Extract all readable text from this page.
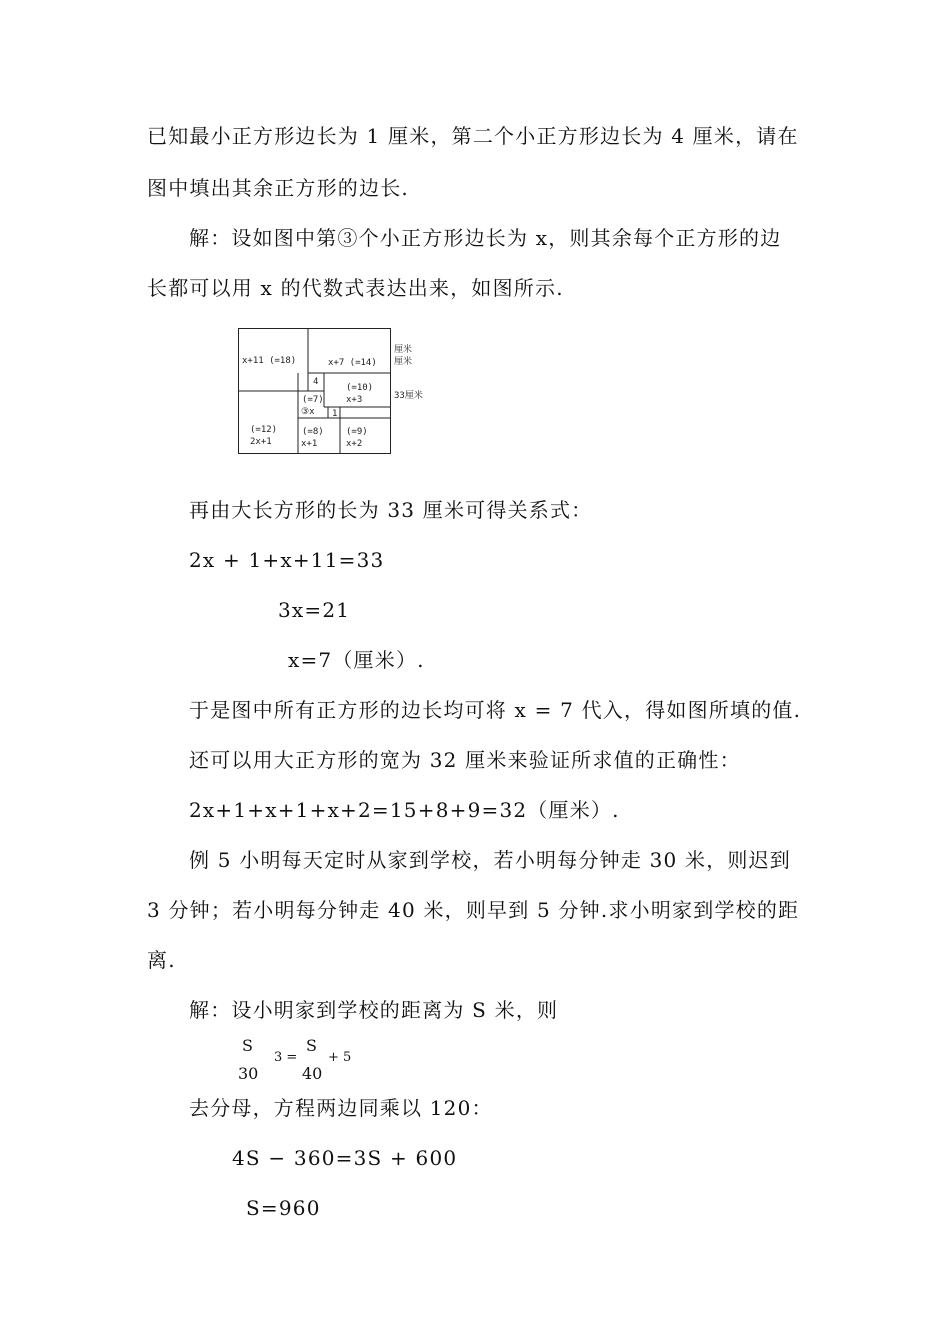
已知最小正方形边长为 1 厘米，第二个小正方形边长为 4 厘米，请在
图中填出其余正方形的边长.
解：设如图中第③个小正方形边长为 x，则其余每个正方形的边
长都可以用 x 的代数式表达出来，如图所示.
x+11 (=18)	x+7 (=14)
4
(=10)
x+3
(=7)
③x 1
(=12)
2x+1
(=8)
x+1
(=9)
x+2
厘米
厘米
33厘米
再由大长方形的长为 33 厘米可得关系式：
2x + 1+x+11=33
3x=21
x=7（厘米）.
于是图中所有正方形的边长均可将 x = 7 代入，得如图所填的值.
还可以用大正方形的宽为 32 厘米来验证所求值的正确性：
2x+1+x+1+x+2=15+8+9=32（厘米）.
例 5 小明每天定时从家到学校，若小明每分钟走 30 米，则迟到
3 分钟；若小明每分钟走 40 米，则早到 5 分钟.求小明家到学校的距
离.
解：设小明家到学校的距离为 S 米，则
S
30
3 =
S
40
+ 5
去分母，方程两边同乘以 120：
4S − 360=3S + 600
S=960
